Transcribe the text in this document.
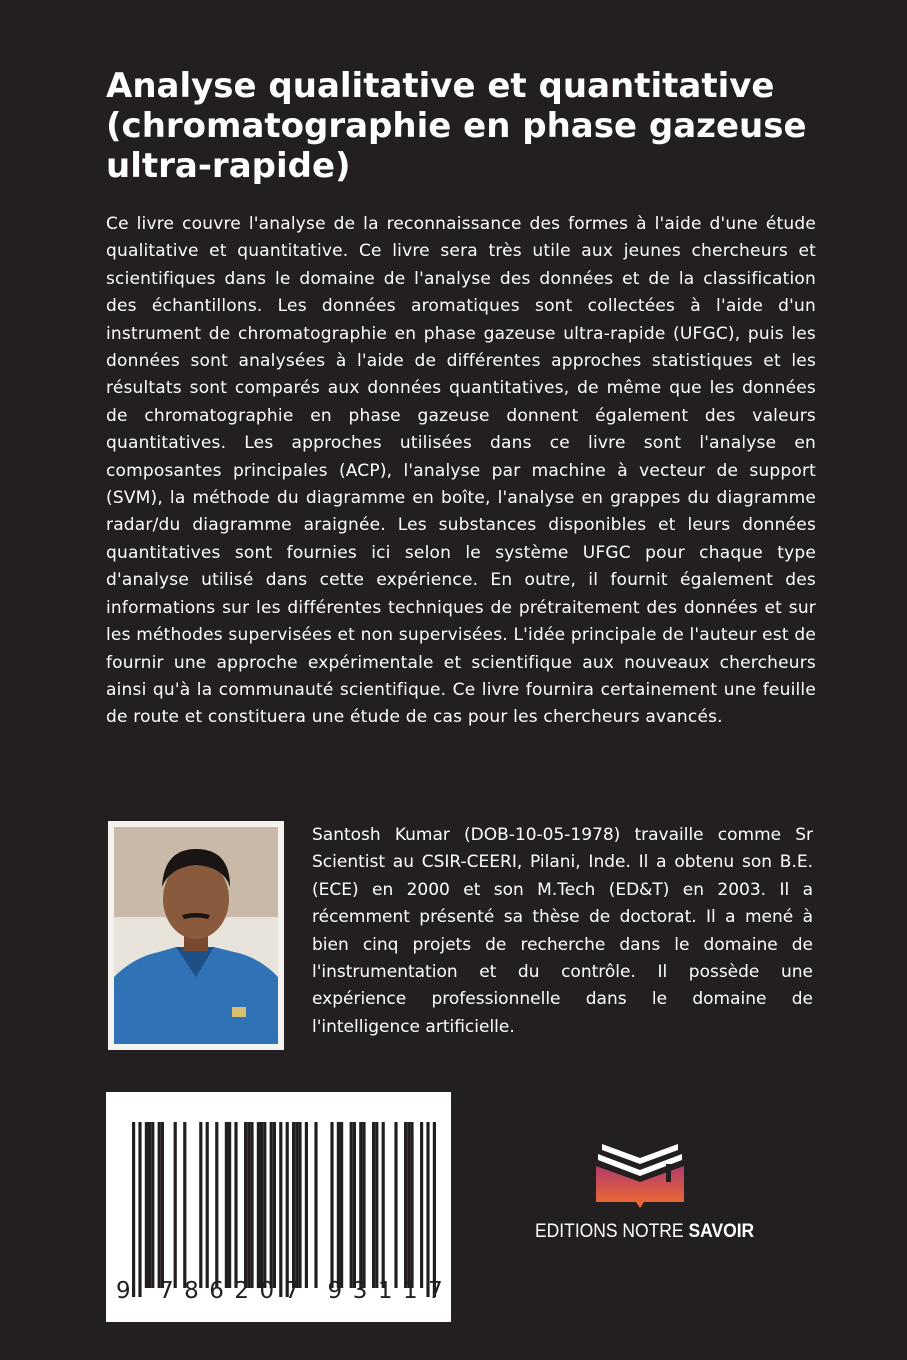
Analyse qualitative et quantitative (chromatographie en phase gazeuse ultra-rapide)

Ce livre couvre l'analyse de la reconnaissance des formes à l'aide d'une étude qualitative et quantitative. Ce livre sera très utile aux jeunes chercheurs et scientifiques dans le domaine de l'analyse des données et de la classification des échantillons. Les données aromatiques sont collectées à l'aide d'un instrument de chromatographie en phase gazeuse ultra-rapide (UFGC), puis les données sont analysées à l'aide de différentes approches statistiques et les résultats sont comparés aux données quantitatives, de même que les données de chromatographie en phase gazeuse donnent également des valeurs quantitatives. Les approches utilisées dans ce livre sont l'analyse en composantes principales (ACP), l'analyse par machine à vecteur de support (SVM), la méthode du diagramme en boîte, l'analyse en grappes du diagramme radar/du diagramme araignée. Les substances disponibles et leurs données quantitatives sont fournies ici selon le système UFGC pour chaque type d'analyse utilisé dans cette expérience. En outre, il fournit également des informations sur les différentes techniques de prétraitement des données et sur les méthodes supervisées et non supervisées. L'idée principale de l'auteur est de fournir une approche expérimentale et scientifique aux nouveaux chercheurs ainsi qu'à la communauté scientifique. Ce livre fournira certainement une feuille de route et constituera une étude de cas pour les chercheurs avancés.

Santosh Kumar (DOB-10-05-1978) travaille comme Sr Scientist au CSIR-CEERI, Pilani, Inde. Il a obtenu son B.E.(ECE) en 2000 et son M.Tech (ED&T) en 2003. Il a récemment présenté sa thèse de doctorat. Il a mené à bien cinq projets de recherche dans le domaine de l'instrumentation et du contrôle. Il possède une expérience professionnelle dans le domaine de l'intelligence artificielle.

9 786207 931170
EDITIONS NOTRE SAVOIR
